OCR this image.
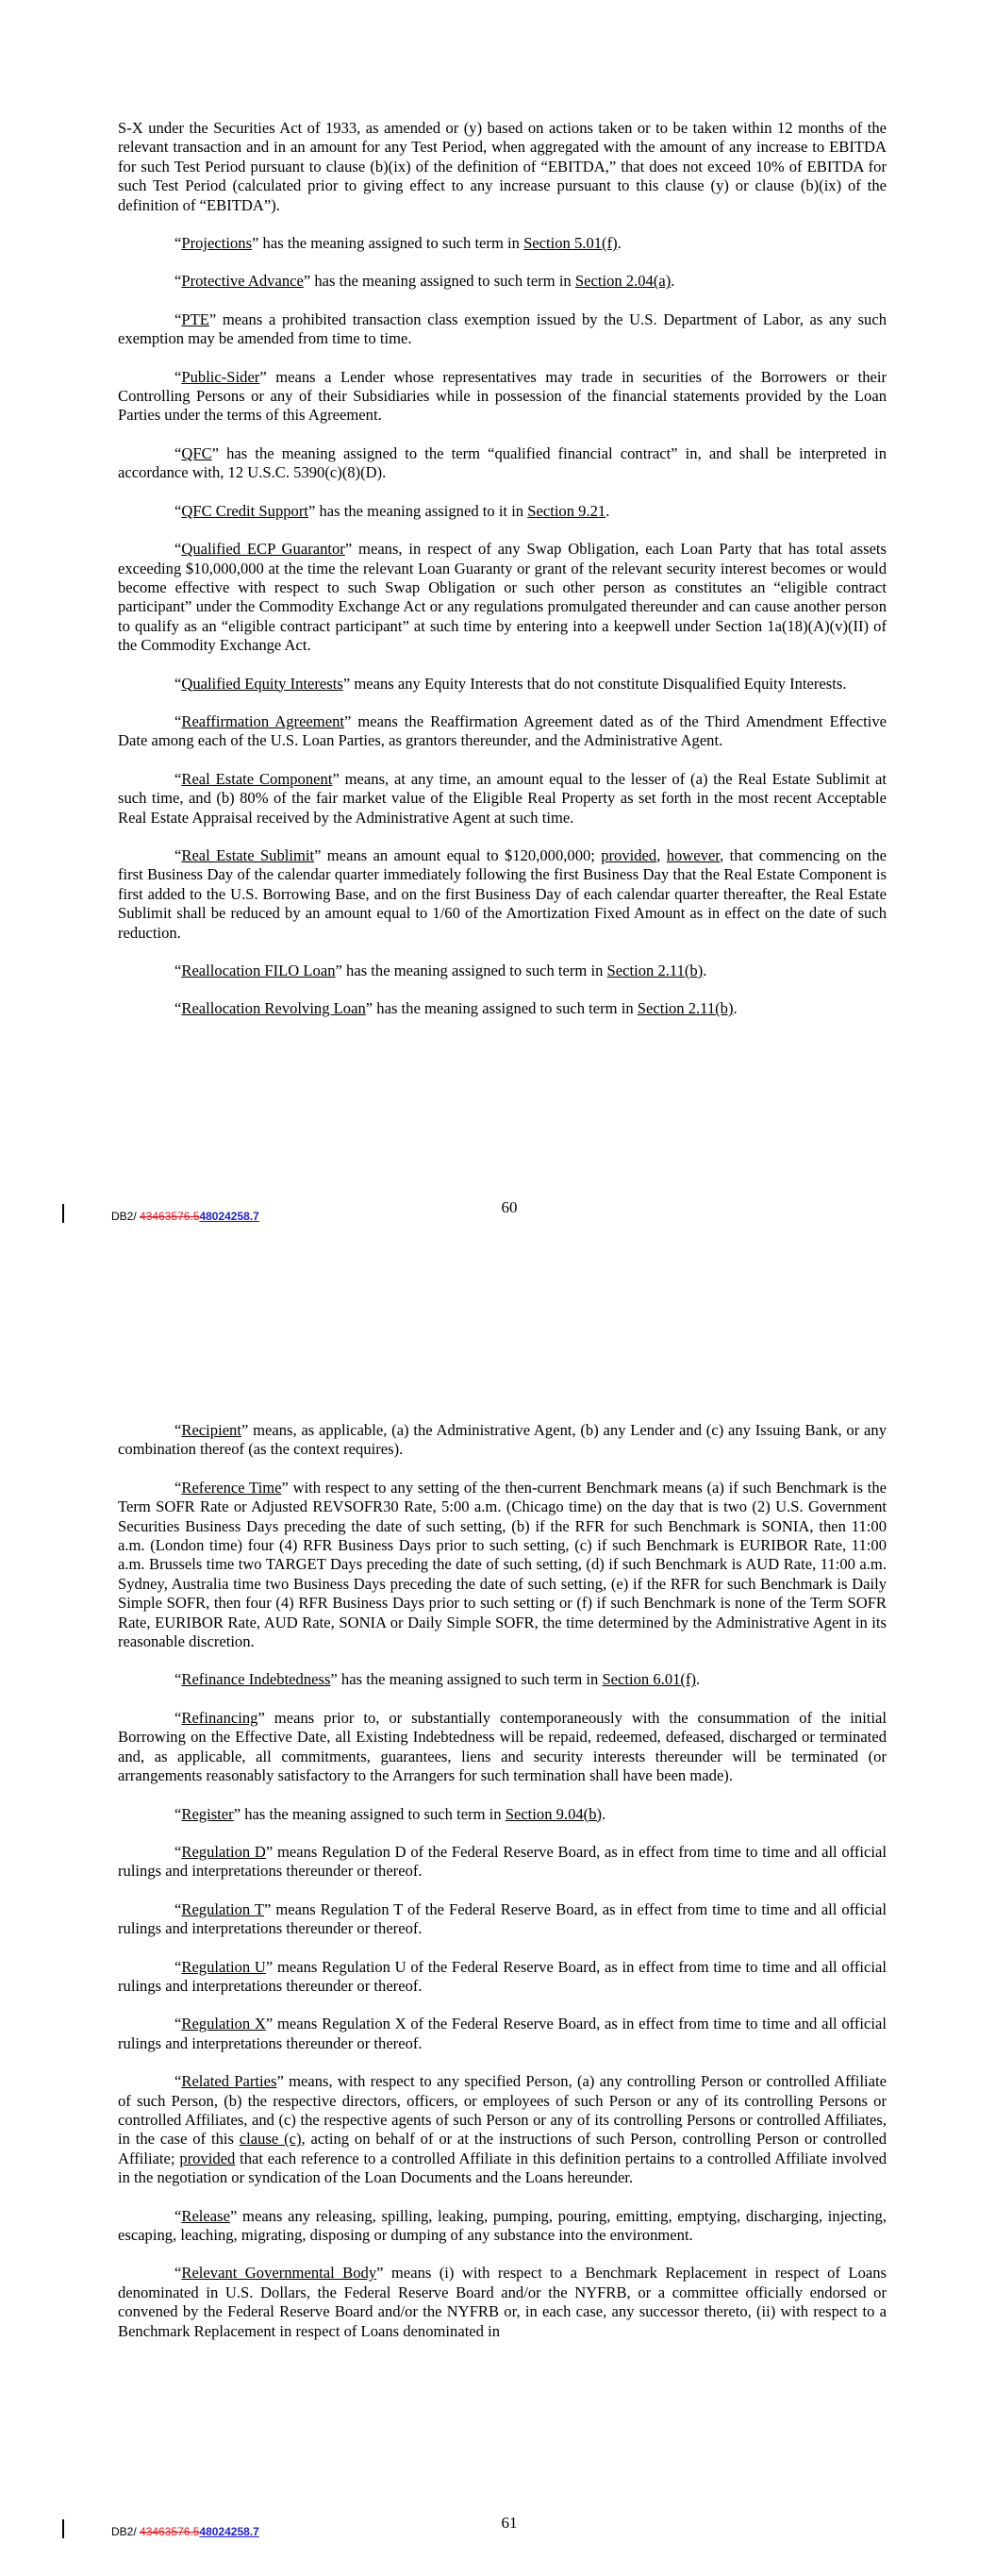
S-X under the Securities Act of 1933, as amended or (y) based on actions taken or to be taken within 12 months of the relevant transaction and in an amount for any Test Period, when aggregated with the amount of any increase to EBITDA for such Test Period pursuant to clause (b)(ix) of the definition of “EBITDA,” that does not exceed 10% of EBITDA for such Test Period (calculated prior to giving effect to any increase pursuant to this clause (y) or clause (b)(ix) of the definition of “EBITDA”).

“Projections” has the meaning assigned to such term in Section 5.01(f).

“Protective Advance” has the meaning assigned to such term in Section 2.04(a).

“PTE” means a prohibited transaction class exemption issued by the U.S. Department of Labor, as any such exemption may be amended from time to time.

“Public-Sider” means a Lender whose representatives may trade in securities of the Borrowers or their Controlling Persons or any of their Subsidiaries while in possession of the financial statements provided by the Loan Parties under the terms of this Agreement.

“QFC” has the meaning assigned to the term “qualified financial contract” in, and shall be interpreted in accordance with, 12 U.S.C. 5390(c)(8)(D).

“QFC Credit Support” has the meaning assigned to it in Section 9.21.

“Qualified ECP Guarantor” means, in respect of any Swap Obligation, each Loan Party that has total assets exceeding $10,000,000 at the time the relevant Loan Guaranty or grant of the relevant security interest becomes or would become effective with respect to such Swap Obligation or such other person as constitutes an “eligible contract participant” under the Commodity Exchange Act or any regulations promulgated thereunder and can cause another person to qualify as an “eligible contract participant” at such time by entering into a keepwell under Section 1a(18)(A)(v)(II) of the Commodity Exchange Act.

“Qualified Equity Interests” means any Equity Interests that do not constitute Disqualified Equity Interests.

“Reaffirmation Agreement” means the Reaffirmation Agreement dated as of the Third Amendment Effective Date among each of the U.S. Loan Parties, as grantors thereunder, and the Administrative Agent.

“Real Estate Component” means, at any time, an amount equal to the lesser of (a) the Real Estate Sublimit at such time, and (b) 80% of the fair market value of the Eligible Real Property as set forth in the most recent Acceptable Real Estate Appraisal received by the Administrative Agent at such time.

“Real Estate Sublimit” means an amount equal to $120,000,000; provided, however, that commencing on the first Business Day of the calendar quarter immediately following the first Business Day that the Real Estate Component is first added to the U.S. Borrowing Base, and on the first Business Day of each calendar quarter thereafter, the Real Estate Sublimit shall be reduced by an amount equal to 1/60 of the Amortization Fixed Amount as in effect on the date of such reduction.

“Reallocation FILO Loan” has the meaning assigned to such term in Section 2.11(b).

“Reallocation Revolving Loan” has the meaning assigned to such term in Section 2.11(b).

DB2/ 43463576.548024258.7	60

“Recipient” means, as applicable, (a) the Administrative Agent, (b) any Lender and (c) any Issuing Bank, or any combination thereof (as the context requires).

“Reference Time” with respect to any setting of the then-current Benchmark means (a) if such Benchmark is the Term SOFR Rate or Adjusted REVSOFR30 Rate, 5:00 a.m. (Chicago time) on the day that is two (2) U.S. Government Securities Business Days preceding the date of such setting, (b) if the RFR for such Benchmark is SONIA, then 11:00 a.m. (London time) four (4) RFR Business Days prior to such setting, (c) if such Benchmark is EURIBOR Rate, 11:00 a.m. Brussels time two TARGET Days preceding the date of such setting, (d) if such Benchmark is AUD Rate, 11:00 a.m. Sydney, Australia time two Business Days preceding the date of such setting, (e) if the RFR for such Benchmark is Daily Simple SOFR, then four (4) RFR Business Days prior to such setting or (f) if such Benchmark is none of the Term SOFR Rate, EURIBOR Rate, AUD Rate, SONIA or Daily Simple SOFR, the time determined by the Administrative Agent in its reasonable discretion.

“Refinance Indebtedness” has the meaning assigned to such term in Section 6.01(f).

“Refinancing” means prior to, or substantially contemporaneously with the consummation of the initial Borrowing on the Effective Date, all Existing Indebtedness will be repaid, redeemed, defeased, discharged or terminated and, as applicable, all commitments, guarantees, liens and security interests thereunder will be terminated (or arrangements reasonably satisfactory to the Arrangers for such termination shall have been made).

“Register” has the meaning assigned to such term in Section 9.04(b).

“Regulation D” means Regulation D of the Federal Reserve Board, as in effect from time to time and all official rulings and interpretations thereunder or thereof.

“Regulation T” means Regulation T of the Federal Reserve Board, as in effect from time to time and all official rulings and interpretations thereunder or thereof.

“Regulation U” means Regulation U of the Federal Reserve Board, as in effect from time to time and all official rulings and interpretations thereunder or thereof.

“Regulation X” means Regulation X of the Federal Reserve Board, as in effect from time to time and all official rulings and interpretations thereunder or thereof.

“Related Parties” means, with respect to any specified Person, (a) any controlling Person or controlled Affiliate of such Person, (b) the respective directors, officers, or employees of such Person or any of its controlling Persons or controlled Affiliates, and (c) the respective agents of such Person or any of its controlling Persons or controlled Affiliates, in the case of this clause (c), acting on behalf of or at the instructions of such Person, controlling Person or controlled Affiliate; provided that each reference to a controlled Affiliate in this definition pertains to a controlled Affiliate involved in the negotiation or syndication of the Loan Documents and the Loans hereunder.

“Release” means any releasing, spilling, leaking, pumping, pouring, emitting, emptying, discharging, injecting, escaping, leaching, migrating, disposing or dumping of any substance into the environment.

“Relevant Governmental Body” means (i) with respect to a Benchmark Replacement in respect of Loans denominated in U.S. Dollars, the Federal Reserve Board and/or the NYFRB, or a committee officially endorsed or convened by the Federal Reserve Board and/or the NYFRB or, in each case, any successor thereto, (ii) with respect to a Benchmark Replacement in respect of Loans denominated in

DB2/ 43463576.548024258.7	61
